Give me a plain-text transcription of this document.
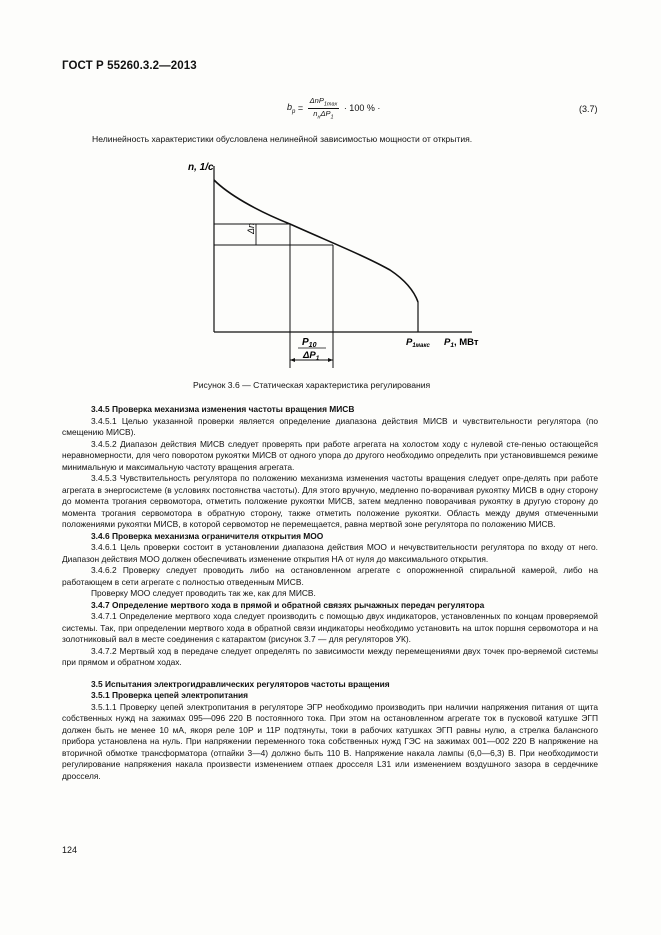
ГОСТ Р 55260.3.2—2013
$b_р = \frac{\Delta nP_{1max}}{n_н\Delta P_1} \cdot 100$ % ·	(3.7)
Нелинейность характеристики обусловлена нелинейной зависимостью мощности от открытия.
n, 1/с
Δn
$P_{10}$
$\Delta P_1$
$P_{1макс}$ $P_1$, МВт
Рисунок 3.6 — Статическая характеристика регулирования

3.4.5 Проверка механизма изменения частоты вращения МИСВ

3.4.5.1 Целью указанной проверки является определение диапазона действия МИСВ и чувствительности регулятора (по смещению МИСВ).

3.4.5.2 Диапазон действия МИСВ следует проверять при работе агрегата на холостом ходу с нулевой сте-пенью остающейся неравномерности, для чего поворотом рукоятки МИСВ от одного упора до другого необходимо определить при установившемся режиме минимальную и максимальную частоту вращения агрегата.

3.4.5.3 Чувствительность регулятора по положению механизма изменения частоты вращения следует опре-делять при работе агрегата в энергосистеме (в условиях постоянства частоты). Для этого вручную, медленно по-ворачивая рукоятку МИСВ в одну сторону до момента трогания сервомотора, отметить положение рукоятки МИСВ, затем медленно поворачивая рукоятку в другую сторону до момента трогания сервомотора в обратную сторону, также отметить положение рукоятки. Область между двумя отмеченными положениями рукоятки МИСВ, в которой сервомотор не перемещается, равна мертвой зоне регулятора по положению МИСВ.

3.4.6 Проверка механизма ограничителя открытия МОО

3.4.6.1 Цель проверки состоит в установлении диапазона действия МОО и нечувствительности регулятора по входу от него. Диапазон действия МОО должен обеспечивать изменение открытия НА от нуля до максимального открытия.

3.4.6.2 Проверку следует проводить либо на остановленном агрегате с опорожненной спиральной камерой, либо на работающем в сети агрегате с полностью отведенным МИСВ.

Проверку МОО следует проводить так же, как для МИСВ.

3.4.7 Определение мертвого хода в прямой и обратной связях рычажных передач регулятора

3.4.7.1 Определение мертвого хода следует производить с помощью двух индикаторов, установленных по концам проверяемой системы. Так, при определении мертвого хода в обратной связи индикаторы необходимо установить на шток поршня сервомотора и на золотниковый вал в месте соединения с катарактом (рисунок 3.7 — для регуляторов УК).

3.4.7.2 Мертвый ход в передаче следует определять по зависимости между перемещениями двух точек про-веряемой системы при прямом и обратном ходах.

3.5 Испытания электрогидравлических регуляторов частоты вращения

3.5.1 Проверка цепей электропитания

3.5.1.1 Проверку цепей электропитания в регуляторе ЭГР необходимо производить при наличии напряжения питания от щита собственных нужд на зажимах 095—096 220 В постоянного тока. При этом на остановленном агрегате ток в пусковой катушке ЭГП должен быть не менее 10 мА, якоря реле 10Р и 11Р подтянуты, токи в рабочих катушках ЭГП равны нулю, а стрелка балансного прибора установлена на нуль. При напряжении переменного тока собственных нужд ГЭС на зажимах 001—002 220 В напряжение на вторичной обмотке трансформатора (отпайки 3—4) должно быть 110 В. Напряжение накала лампы (6,0—6,3) В. При необходимости регулирование напряжения накала произвести изменением отпаек дросселя L31 или изменением воздушного зазора в сердечнике дросселя.

124
